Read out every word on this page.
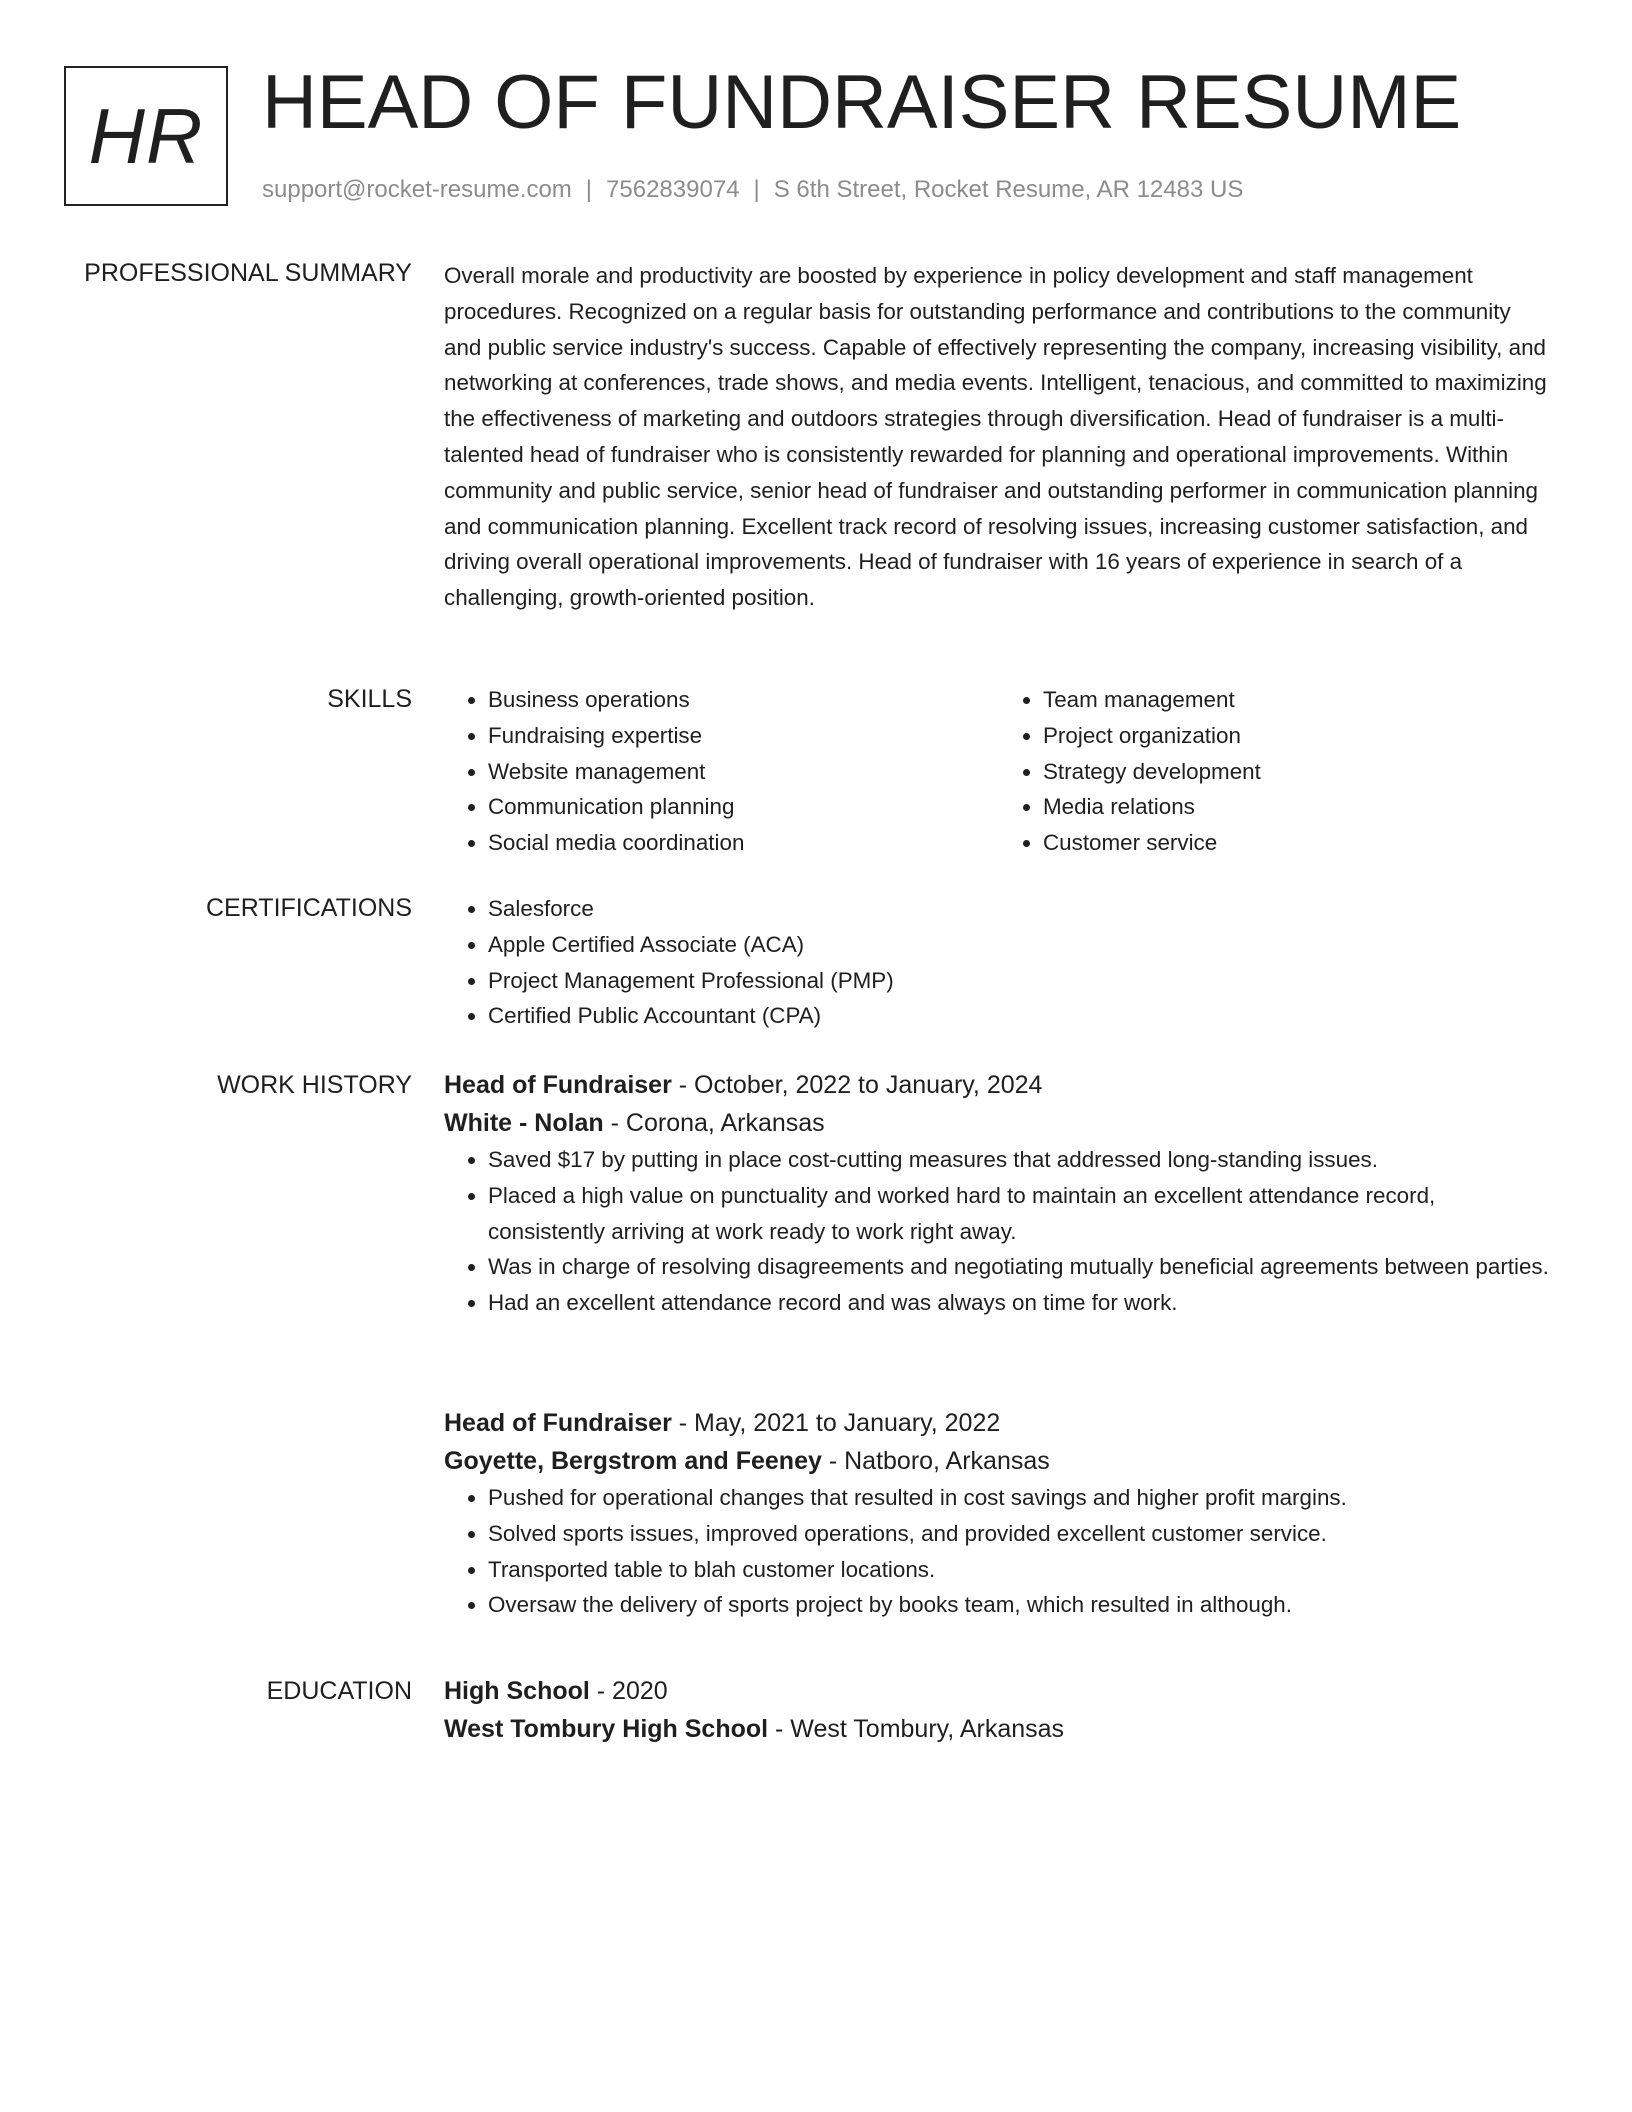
HR HEAD OF FUNDRAISER RESUME
support@rocket-resume.com | 7562839074 | S 6th Street, Rocket Resume, AR 12483 US
PROFESSIONAL SUMMARY Overall morale and productivity are boosted by experience in policy development and staff management procedures. Recognized on a regular basis for outstanding performance and contributions to the community and public service industry's success. Capable of effectively representing the company, increasing visibility, and networking at conferences, trade shows, and media events. Intelligent, tenacious, and committed to maximizing the effectiveness of marketing and outdoors strategies through diversification. Head of fundraiser is a multi-talented head of fundraiser who is consistently rewarded for planning and operational improvements. Within community and public service, senior head of fundraiser and outstanding performer in communication planning and communication planning. Excellent track record of resolving issues, increasing customer satisfaction, and driving overall operational improvements. Head of fundraiser with 16 years of experience in search of a challenging, growth-oriented position.

SKILLS	• Business operations
• Fundraising expertise
• Website management
• Communication planning
• Social media coordination
• Team management
• Project organization
• Strategy development
• Media relations
• Customer service
CERTIFICATIONS	• Salesforce
• Apple Certified Associate (ACA)
• Project Management Professional (PMP)
• Certified Public Accountant (CPA)
WORK HISTORY Head of Fundraiser - October, 2022 to January, 2024
White - Nolan - Corona, Arkansas
• Saved $17 by putting in place cost-cutting measures that addressed long-standing issues.
• Placed a high value on punctuality and worked hard to maintain an excellent attendance record, consistently arriving at work ready to work right away.
• Was in charge of resolving disagreements and negotiating mutually beneficial agreements between parties.
• Had an excellent attendance record and was always on time for work.
Head of Fundraiser - May, 2021 to January, 2022
Goyette, Bergstrom and Feeney - Natboro, Arkansas
• Pushed for operational changes that resulted in cost savings and higher profit margins.
• Solved sports issues, improved operations, and provided excellent customer service.
• Transported table to blah customer locations.
• Oversaw the delivery of sports project by books team, which resulted in although.
EDUCATION High School - 2020
West Tombury High School - West Tombury, Arkansas
